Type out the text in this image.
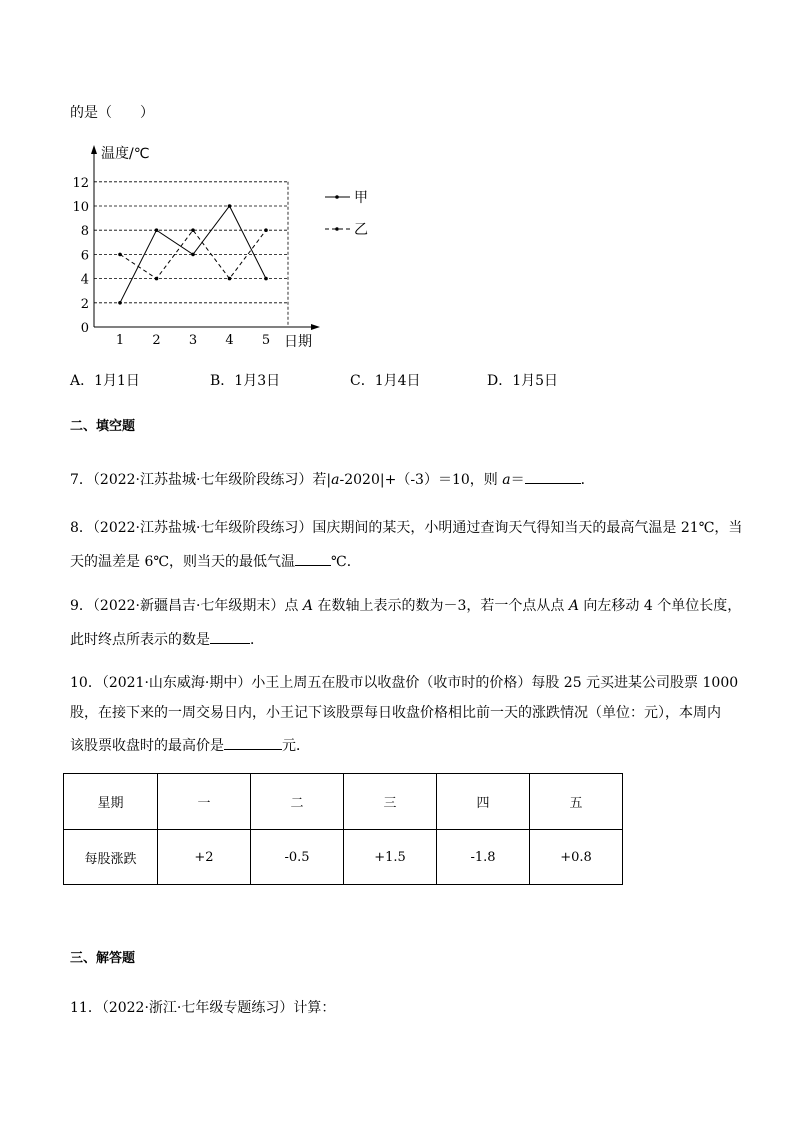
的是（　　）
0
2
4
6
8
10
12
1 2 3 4 5
甲
乙
温度/℃
日期
A．1月1日	B．1月3日	C．1月4日	D．1月5日
二、填空题
7．（2022·江苏盐城·七年级阶段练习）若|a-2020|+（-3）＝10，则 a＝	．
8．（2022·江苏盐城·七年级阶段练习）国庆期间的某天，小明通过查询天气得知当天的最高气温是 21℃，当
天的温差是 6℃，则当天的最低气温	℃．
9．（2022·新疆昌吉·七年级期末）点 A 在数轴上表示的数为－3，若一个点从点 A 向左移动 4 个单位长度，
此时终点所表示的数是	．
10．（2021·山东威海·期中）小王上周五在股市以收盘价（收市时的价格）每股 25 元买进某公司股票 1000
股，在接下来的一周交易日内，小王记下该股票每日收盘价格相比前一天的涨跌情况（单位：元），本周内
该股票收盘时的最高价是	元．
星期	一	二	三	四	五
每股涨跌	+2	-0.5	+1.5	-1.8	+0.8
三、解答题
11．（2022·浙江·七年级专题练习）计算：
